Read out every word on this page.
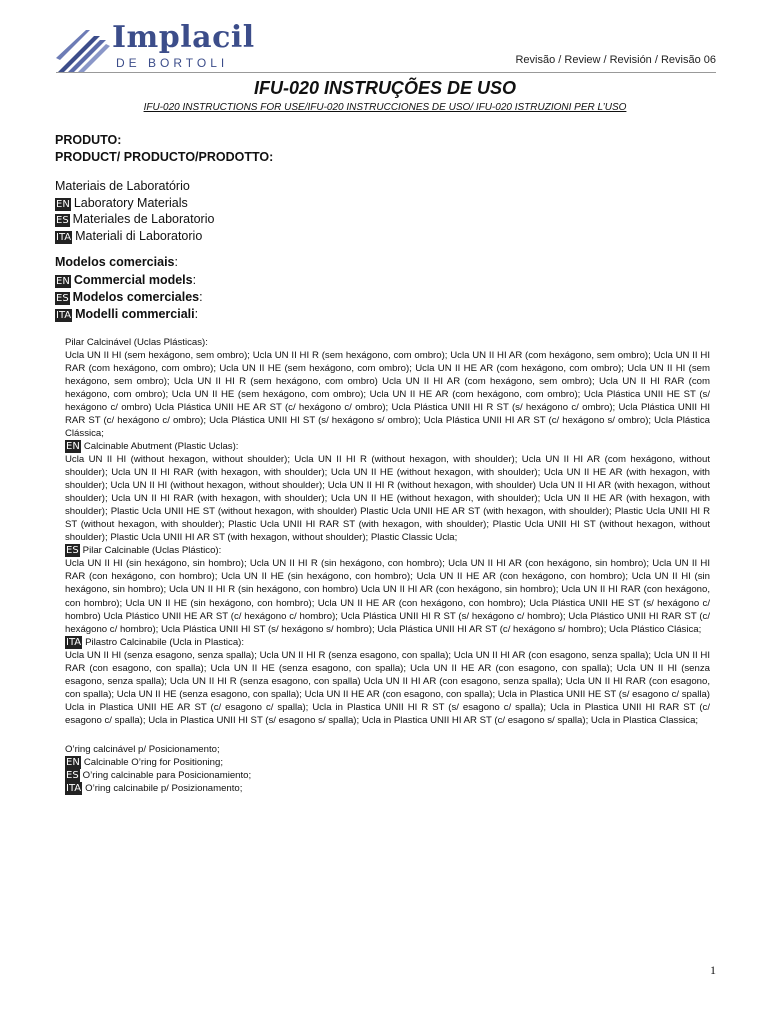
Implacil
DE BORTOLI	Revisão / Review / Revisión / Revisão 06
IFU-020 INSTRUÇÕES DE USO
IFU-020 INSTRUCTIONS FOR USE/IFU-020 INSTRUCCIONES DE USO/ IFU-020 ISTRUZIONI PER L’USO
PRODUTO:
PRODUCT/ PRODUCTO/PRODOTTO:
Materiais de Laboratório
EN Laboratory Materials
ES Materiales de Laboratorio
ITA Materiali di Laboratorio
Modelos comerciais:
EN Commercial models:
ES Modelos comerciales:
ITA Modelli commerciali:

Pilar Calcinável (Uclas Plásticas):

Ucla UN II HI (sem hexágono, sem ombro); Ucla UN II HI R (sem hexágono, com ombro); Ucla UN II HI AR (com hexágono, sem ombro); Ucla UN II HI RAR (com hexágono, com ombro); Ucla UN II HE (sem hexágono, com ombro); Ucla UN II HE AR (com hexágono, com ombro); Ucla UN II HI (sem hexágono, sem ombro); Ucla UN II HI R (sem hexágono, com ombro) Ucla UN II HI AR (com hexágono, sem ombro); Ucla UN II HI RAR (com hexágono, com ombro); Ucla UN II HE (sem hexágono, com ombro); Ucla UN II HE AR (com hexágono, com ombro); Ucla Plástica UNII HE ST (s/ hexágono c/ ombro) Ucla Plástica UNII HE AR ST (c/ hexágono c/ ombro); Ucla Plástica UNII HI R ST (s/ hexágono c/ ombro); Ucla Plástica UNII HI RAR ST (c/ hexágono c/ ombro); Ucla Plástica UNII HI ST (s/ hexágono s/ ombro); Ucla Plástica UNII HI AR ST (c/ hexágono s/ ombro); Ucla Plástica Clássica;

EN Calcinable Abutment (Plastic Uclas):

Ucla UN II HI (without hexagon, without shoulder); Ucla UN II HI R (without hexagon, with shoulder); Ucla UN II HI AR (com hexágono, without shoulder); Ucla UN II HI RAR (with hexagon, with shoulder); Ucla UN II HE (without hexagon, with shoulder); Ucla UN II HE AR (with hexagon, with shoulder); Ucla UN II HI (without hexagon, without shoulder); Ucla UN II HI R (without hexagon, with shoulder) Ucla UN II HI AR (with hexagon, without shoulder); Ucla UN II HI RAR (with hexagon, with shoulder); Ucla UN II HE (without hexagon, with shoulder); Ucla UN II HE AR (with hexagon, with shoulder); Plastic Ucla UNII HE ST (without hexagon, with shoulder) Plastic Ucla UNII HE AR ST (with hexagon, with shoulder); Plastic Ucla UNII HI R ST (without hexagon, with shoulder); Plastic Ucla UNII HI RAR ST (with hexagon, with shoulder); Plastic Ucla UNII HI ST (without hexagon, without shoulder); Plastic Ucla UNII HI AR ST (with hexagon, without shoulder); Plastic Classic Ucla;

ES Pilar Calcinable (Uclas Plástico):

Ucla UN II HI (sin hexágono, sin hombro); Ucla UN II HI R (sin hexágono, con hombro); Ucla UN II HI AR (con hexágono, sin hombro); Ucla UN II HI RAR (con hexágono, con hombro); Ucla UN II HE (sin hexágono, con hombro); Ucla UN II HE AR (con hexágono, con hombro); Ucla UN II HI (sin hexágono, sin hombro); Ucla UN II HI R (sin hexágono, con hombro) Ucla UN II HI AR (con hexágono, sin hombro); Ucla UN II HI RAR (con hexágono, con hombro); Ucla UN II HE (sin hexágono, con hombro); Ucla UN II HE AR (con hexágono, con hombro); Ucla Plástica UNII HE ST (s/ hexágono c/ hombro) Ucla Plástico UNII HE AR ST (c/ hexágono c/ hombro); Ucla Plástica UNII HI R ST (s/ hexágono c/ hombro); Ucla Plástico UNII HI RAR ST (c/ hexágono c/ hombro); Ucla Plástica UNII HI ST (s/ hexágono s/ hombro); Ucla Plástica UNII HI AR ST (c/ hexágono s/ hombro); Ucla Plástico Clásica;

ITA Pilastro Calcinabile (Ucla in Plastica):

Ucla UN II HI (senza esagono, senza spalla); Ucla UN II HI R (senza esagono, con spalla); Ucla UN II HI AR (con esagono, senza spalla); Ucla UN II HI RAR (con esagono, con spalla); Ucla UN II HE (senza esagono, con spalla); Ucla UN II HE AR (con esagono, con spalla); Ucla UN II HI (senza esagono, senza spalla); Ucla UN II HI R (senza esagono, con spalla) Ucla UN II HI AR (con esagono, senza spalla); Ucla UN II HI RAR (con esagono, con spalla); Ucla UN II HE (senza esagono, con spalla); Ucla UN II HE AR (con esagono, con spalla); Ucla in Plastica UNII HE ST (s/ esagono c/ spalla) Ucla in Plastica UNII HE AR ST (c/ esagono c/ spalla); Ucla in Plastica UNII HI R ST (s/ esagono c/ spalla); Ucla in Plastica UNII HI RAR ST (c/ esagono c/ spalla); Ucla in Plastica UNII HI ST (s/ esagono s/ spalla); Ucla in Plastica UNII HI AR ST (c/ esagono s/ spalla); Ucla in Plastica Classica;

O’ring calcinável p/ Posicionamento;

EN Calcinable O’ring for Positioning;

ES O’ring calcinable para Posicionamiento;

ITA O’ring calcinabile p/ Posizionamento;

1
